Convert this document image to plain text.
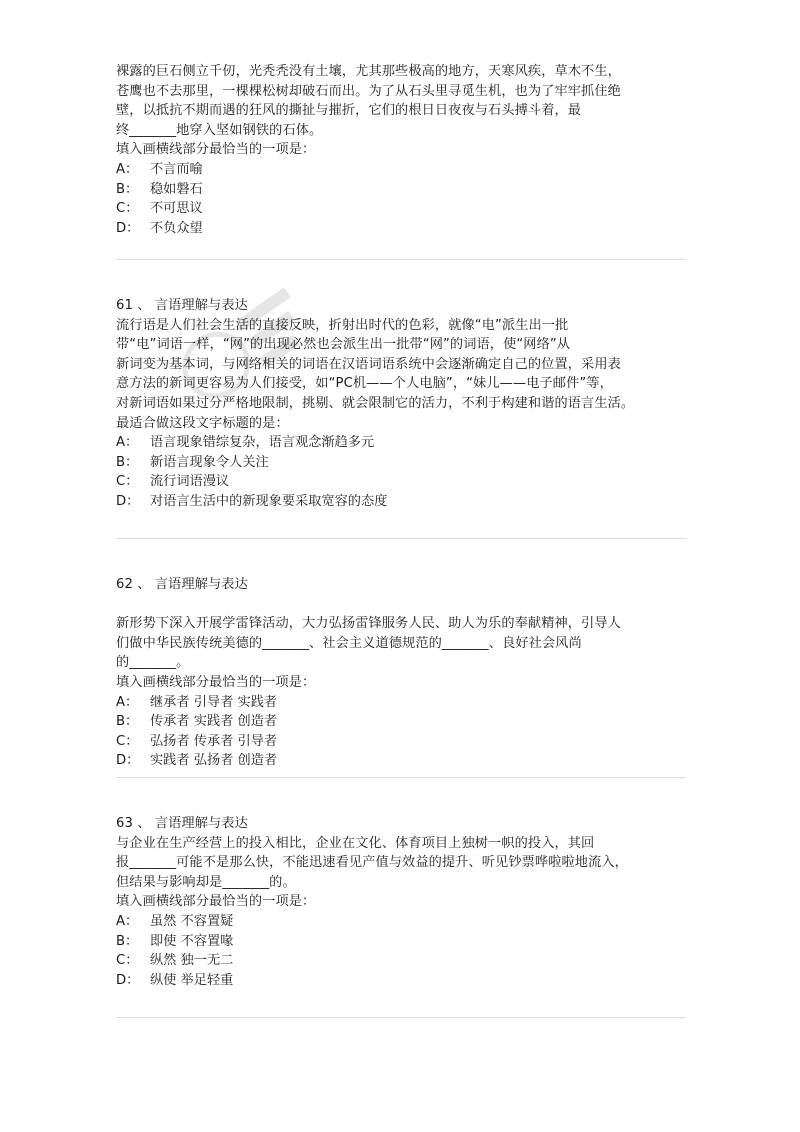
裸露的巨石侧立千仞，光秃秃没有土壤，尤其那些极高的地方，天寒风疾，草木不生，
苍鹰也不去那里，一棵棵松树却破石而出。为了从石头里寻觅生机，也为了牢牢抓住绝
壁，以抵抗不期而遇的狂风的撕扯与摧折，它们的根日日夜夜与石头搏斗着，最
终_______地穿入坚如钢铁的石体。
填入画横线部分最恰当的一项是：
A： 不言而喻
B： 稳如磐石
C： 不可思议
D： 不负众望
61 、 言语理解与表达
流行语是人们社会生活的直接反映，折射出时代的色彩，就像“电”派生出一批
带“电”词语一样，“网”的出现必然也会派生出一批带“网”的词语，使“网络”从
新词变为基本词，与网络相关的词语在汉语词语系统中会逐渐确定自己的位置，采用表
意方法的新词更容易为人们接受，如“PC机——个人电脑”，“妹儿——电子邮件”等，
对新词语如果过分严格地限制，挑剔、就会限制它的活力，不利于构建和谐的语言生活。
最适合做这段文字标题的是：
A： 语言现象错综复杂，语言观念渐趋多元
B： 新语言现象令人关注
C： 流行词语漫议
D： 对语言生活中的新现象要采取宽容的态度
62 、 言语理解与表达
新形势下深入开展学雷锋活动，大力弘扬雷锋服务人民、助人为乐的奉献精神，引导人
们做中华民族传统美德的_______、社会主义道德规范的_______、良好社会风尚
的_______。
填入画横线部分最恰当的一项是：
A： 继承者 引导者 实践者
B： 传承者 实践者 创造者
C： 弘扬者 传承者 引导者
D： 实践者 弘扬者 创造者
63 、 言语理解与表达
与企业在生产经营上的投入相比，企业在文化、体育项目上独树一帜的投入，其回
报_______可能不是那么快，不能迅速看见产值与效益的提升、听见钞票哗啦啦地流入，
但结果与影响却是_______的。
填入画横线部分最恰当的一项是：
A： 虽然 不容置疑
B： 即使 不容置喙
C： 纵然 独一无二
D： 纵使 举足轻重
